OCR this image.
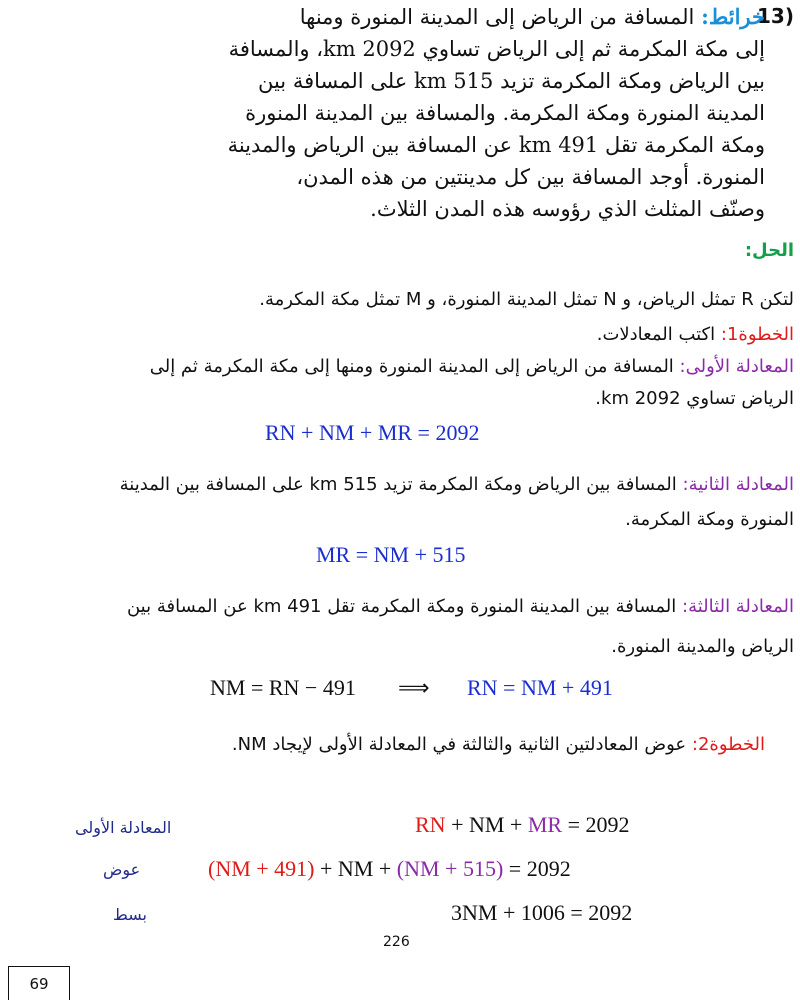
13)
خرائط: المسافة من الرياض إلى المدينة المنورة ومنها
إلى مكة المكرمة ثم إلى الرياض تساوي 2092 km، والمسافة
بين الرياض ومكة المكرمة تزيد 515 km على المسافة بين
المدينة المنورة ومكة المكرمة. والمسافة بين المدينة المنورة
ومكة المكرمة تقل 491 km عن المسافة بين الرياض والمدينة
المنورة. أوجد المسافة بين كل مدينتين من هذه المدن،
وصنّف المثلث الذي رؤوسه هذه المدن الثلاث.
الحل:
لتكن R تمثل الرياض، و N تمثل المدينة المنورة، و M تمثل مكة المكرمة.
الخطوة1: اكتب المعادلات.
المعادلة الأولى: المسافة من الرياض إلى المدينة المنورة ومنها إلى مكة المكرمة ثم إلى
الرياض تساوي 2092 km.
RN + NM + MR = 2092
المعادلة الثانية: المسافة بين الرياض ومكة المكرمة تزيد 515 km على المسافة بين المدينة
المنورة ومكة المكرمة.
MR = NM + 515
المعادلة الثالثة: المسافة بين المدينة المنورة ومكة المكرمة تقل 491 km عن المسافة بين
الرياض والمدينة المنورة.
NM = RN − 491 ⟹ RN = NM + 491
الخطوة2: عوض المعادلتين الثانية والثالثة في المعادلة الأولى لإيجاد NM.
المعادلة الأولى	RN + NM + MR = 2092
عوض	(NM + 491) + NM + (NM + 515) = 2092
بسط	3NM + 1006 = 2092
226
69
